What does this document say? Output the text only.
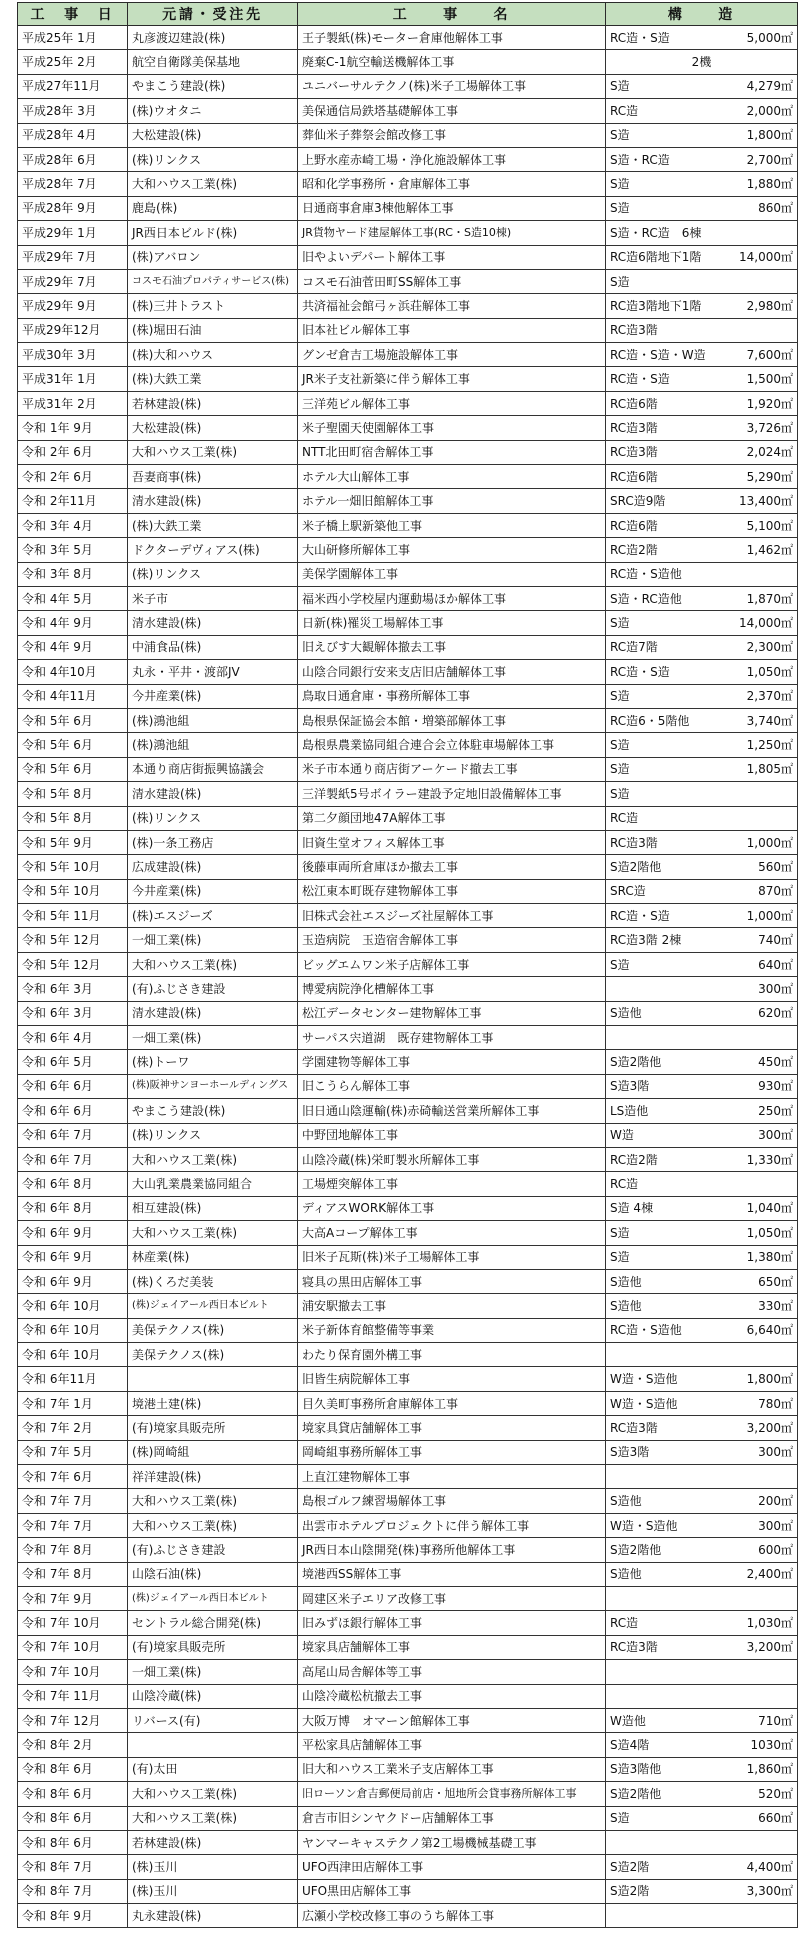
工　事　日	元請・受注先	工　　事　　名	構　　造
平成25年 1月	丸彦渡辺建設(株)	王子製紙(株)モーター倉庫他解体工事	RC造・S造 5,000㎡

平成25年 2月	航空自衛隊美保基地	廃棄C-1航空輸送機解体工事	2機

平成27年11月	やまこう建設(株)	ユニバーサルテクノ(株)米子工場解体工事	S造 4,279㎡

平成28年 3月	(株)ウオタニ	美保通信局鉄塔基礎解体工事	RC造 2,000㎡

平成28年 4月	大松建設(株)	葬仙米子葬祭会館改修工事	S造 1,800㎡

平成28年 6月	(株)リンクス	上野水産赤崎工場・浄化施設解体工事	S造・RC造 2,700㎡

平成28年 7月	大和ハウス工業(株)	昭和化学事務所・倉庫解体工事	S造 1,880㎡

平成28年 9月	鹿島(株)	日通商事倉庫3棟他解体工事	S造 860㎡

平成29年 1月	JR西日本ビルド(株)	JR貨物ヤード建屋解体工事(RC・S造10棟)	S造・RC造　6棟

平成29年 7月	(株)アバロン	旧やよいデパート解体工事	RC造6階地下1階 14,000㎡

平成29年 7月	コスモ石油プロパティサービス(株)	コスモ石油菅田町SS解体工事	S造

平成29年 9月	(株)三井トラスト	共済福祉会館弓ヶ浜荘解体工事	RC造3階地下1階 2,980㎡

平成29年12月	(株)堀田石油	旧本社ビル解体工事	RC造3階

平成30年 3月	(株)大和ハウス	グンゼ倉吉工場施設解体工事	RC造・S造・W造 7,600㎡

平成31年 1月	(株)大鉄工業	JR米子支社新築に伴う解体工事	RC造・S造 1,500㎡

平成31年 2月	若林建設(株)	三洋苑ビル解体工事	RC造6階 1,920㎡

令和 1年 9月	大松建設(株)	米子聖園天使園解体工事	RC造3階 3,726㎡

令和 2年 6月	大和ハウス工業(株)	NTT北田町宿舎解体工事	RC造3階 2,024㎡

令和 2年 6月	吾妻商事(株)	ホテル大山解体工事	RC造6階 5,290㎡

令和 2年11月	清水建設(株)	ホテル一畑旧館解体工事	SRC造9階 13,400㎡

令和 3年 4月	(株)大鉄工業	米子橋上駅新築他工事	RC造6階 5,100㎡

令和 3年 5月	ドクターデヴィアス(株)	大山研修所解体工事	RC造2階 1,462㎡

令和 3年 8月	(株)リンクス	美保学園解体工事	RC造・S造他

令和 4年 5月	米子市	福米西小学校屋内運動場ほか解体工事	S造・RC造他 1,870㎡

令和 4年 9月	清水建設(株)	日新(株)罹災工場解体工事	S造 14,000㎡

令和 4年 9月	中浦食品(株)	旧えびす大観解体撤去工事	RC造7階 2,300㎡

令和 4年10月	丸永・平井・渡部JV	山陰合同銀行安来支店旧店舗解体工事	RC造・S造 1,050㎡

令和 4年11月	今井産業(株)	鳥取日通倉庫・事務所解体工事	S造 2,370㎡

令和 5年 6月	(株)鴻池組	島根県保証協会本館・増築部解体工事	RC造6・5階他 3,740㎡

令和 5年 6月	(株)鴻池組	島根県農業協同組合連合会立体駐車場解体工事	S造 1,250㎡

令和 5年 6月	本通り商店街振興協議会	米子市本通り商店街アーケード撤去工事	S造 1,805㎡

令和 5年 8月	清水建設(株)	三洋製紙5号ボイラー建設予定地旧設備解体工事	S造

令和 5年 8月	(株)リンクス	第二夕顔団地47A解体工事	RC造

令和 5年 9月	(株)一条工務店	旧資生堂オフィス解体工事	RC造3階 1,000㎡

令和 5年 10月	広成建設(株)	後藤車両所倉庫ほか撤去工事	S造2階他 560㎡

令和 5年 10月	今井産業(株)	松江東本町既存建物解体工事	SRC造 870㎡

令和 5年 11月	(株)エスジーズ	旧株式会社エスジーズ社屋解体工事	RC造・S造 1,000㎡

令和 5年 12月	一畑工業(株)	玉造病院　玉造宿舎解体工事	RC造3階 2棟 740㎡

令和 5年 12月	大和ハウス工業(株)	ビッグエムワン米子店解体工事	S造 640㎡

令和 6年 3月	(有)ふじさき建設	博愛病院浄化槽解体工事	300㎡

令和 6年 3月	清水建設(株)	松江データセンター建物解体工事	S造他 620㎡

令和 6年 4月	一畑工業(株)	サーパス宍道湖　既存建物解体工事	

令和 6年 5月	(株)トーワ	学園建物等解体工事	S造2階他 450㎡

令和 6年 6月	(株)阪神サンヨーホールディングス	旧こうらん解体工事	S造3階 930㎡

令和 6年 6月	やまこう建設(株)	旧日通山陰運輸(株)赤碕輸送営業所解体工事	LS造他 250㎡

令和 6年 7月	(株)リンクス	中野団地解体工事	W造 300㎡

令和 6年 7月	大和ハウス工業(株)	山陰冷蔵(株)栄町製氷所解体工事	RC造2階 1,330㎡

令和 6年 8月	大山乳業農業協同組合	工場煙突解体工事	RC造

令和 6年 8月	相互建設(株)	ディアスWORK解体工事	S造 4棟 1,040㎡

令和 6年 9月	大和ハウス工業(株)	大高Aコープ解体工事	S造 1,050㎡

令和 6年 9月	林産業(株)	旧米子瓦斯(株)米子工場解体工事	S造 1,380㎡

令和 6年 9月	(株)くろだ美装	寝具の黒田店解体工事	S造他 650㎡

令和 6年 10月	(株)ジェイアール西日本ビルト	浦安駅撤去工事	S造他 330㎡

令和 6年 10月	美保テクノス(株)	米子新体育館整備等事業	RC造・S造他 6,640㎡

令和 6年 10月	美保テクノス(株)	わたり保育園外構工事	

令和 6年11月		旧皆生病院解体工事	W造・S造他 1,800㎡

令和 7年 1月	境港土建(株)	目久美町事務所倉庫解体工事	W造・S造他 780㎡

令和 7年 2月	(有)境家具販売所	境家具貸店舗解体工事	RC造3階 3,200㎡

令和 7年 5月	(株)岡崎組	岡崎組事務所解体工事	S造3階 300㎡

令和 7年 6月	祥洋建設(株)	上直江建物解体工事	

令和 7年 7月	大和ハウス工業(株)	島根ゴルフ練習場解体工事	S造他 200㎡

令和 7年 7月	大和ハウス工業(株)	出雲市ホテルプロジェクトに伴う解体工事	W造・S造他 300㎡

令和 7年 8月	(有)ふじさき建設	JR西日本山陰開発(株)事務所他解体工事	S造2階他 600㎡

令和 7年 8月	山陰石油(株)	境港西SS解体工事	S造他 2,400㎡

令和 7年 9月	(株)ジェイアール西日本ビルト	岡建区米子エリア改修工事	

令和 7年 10月	セントラル総合開発(株)	旧みずほ銀行解体工事	RC造 1,030㎡

令和 7年 10月	(有)境家具販売所	境家具店舗解体工事	RC造3階 3,200㎡

令和 7年 10月	一畑工業(株)	高尾山局舎解体等工事	

令和 7年 11月	山陰冷蔵(株)	山陰冷蔵松杭撤去工事	

令和 7年 12月	リバース(有)	大阪万博　オマーン館解体工事	W造他 710㎡

令和 8年 2月		平松家具店舗解体工事	S造4階 1030㎡

令和 8年 6月	(有)太田	旧大和ハウス工業米子支店解体工事	S造3階他 1,860㎡

令和 8年 6月	大和ハウス工業(株)	旧ローソン倉吉郵便局前店・旭地所会貸事務所解体工事	S造2階他 520㎡

令和 8年 6月	大和ハウス工業(株)	倉吉市旧シンヤクドー店舗解体工事	S造 660㎡

令和 8年 6月	若林建設(株)	ヤンマーキャステクノ第2工場機械基礎工事	

令和 8年 7月	(株)玉川	UFO西津田店解体工事	S造2階 4,400㎡

令和 8年 7月	(株)玉川	UFO黒田店解体工事	S造2階 3,300㎡

令和 8年 9月	丸永建設(株)	広瀬小学校改修工事のうち解体工事	
